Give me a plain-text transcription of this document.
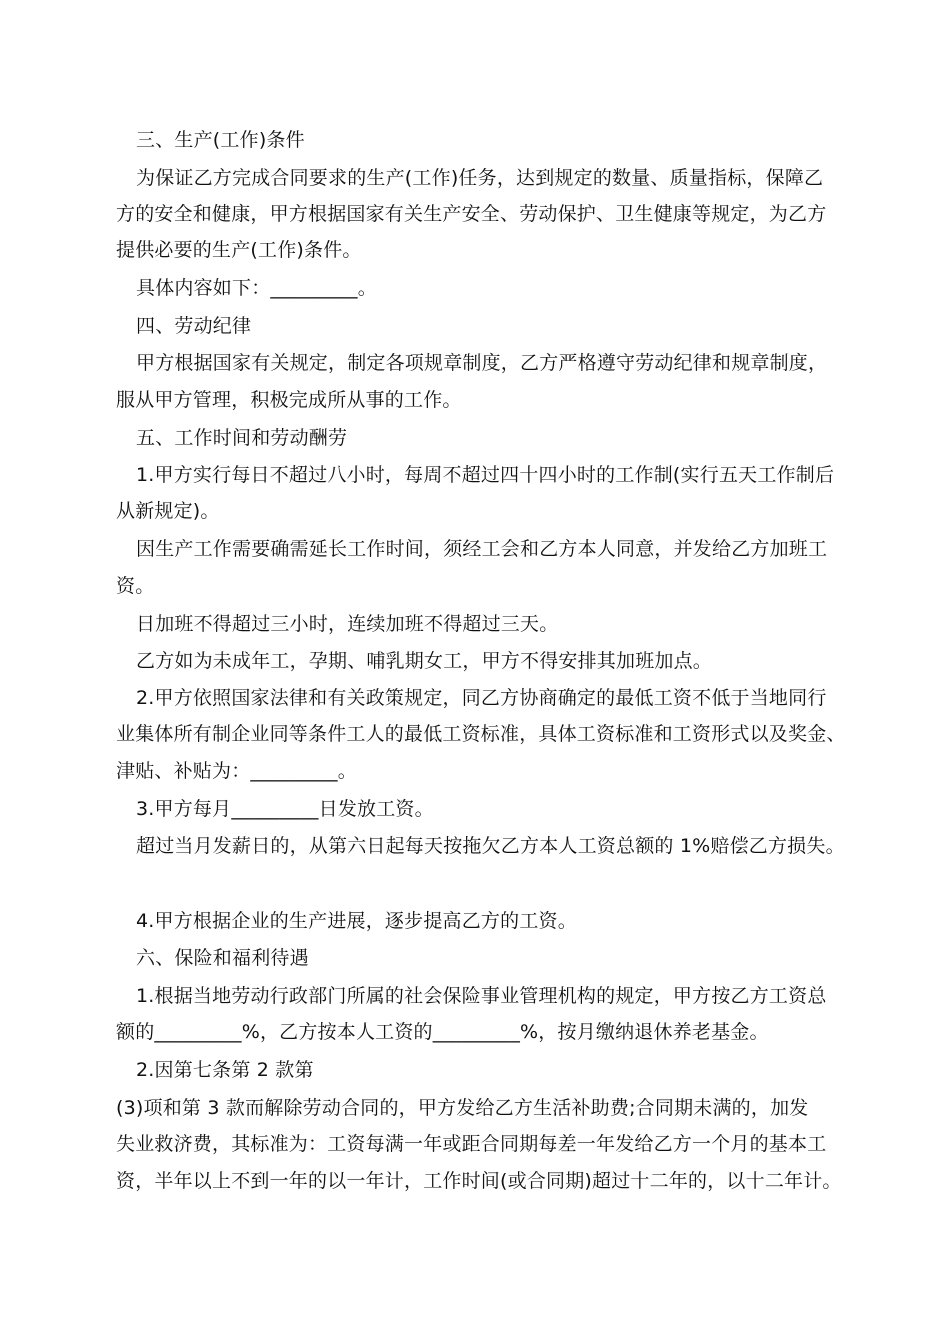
三、生产(工作)条件
为保证乙方完成合同要求的生产(工作)任务，达到规定的数量、质量指标，保障乙
方的安全和健康，甲方根据国家有关生产安全、劳动保护、卫生健康等规定，为乙方
提供必要的生产(工作)条件。
具体内容如下：_________。
四、劳动纪律
甲方根据国家有关规定，制定各项规章制度，乙方严格遵守劳动纪律和规章制度，
服从甲方管理，积极完成所从事的工作。
五、工作时间和劳动酬劳
1.甲方实行每日不超过八小时，每周不超过四十四小时的工作制(实行五天工作制后
从新规定)。
因生产工作需要确需延长工作时间，须经工会和乙方本人同意，并发给乙方加班工
资。
日加班不得超过三小时，连续加班不得超过三天。
乙方如为未成年工，孕期、哺乳期女工，甲方不得安排其加班加点。
2.甲方依照国家法律和有关政策规定，同乙方协商确定的最低工资不低于当地同行
业集体所有制企业同等条件工人的最低工资标准，具体工资标准和工资形式以及奖金、
津贴、补贴为：_________。
3.甲方每月_________日发放工资。
超过当月发薪日的，从第六日起每天按拖欠乙方本人工资总额的 1%赔偿乙方损失。
4.甲方根据企业的生产进展，逐步提高乙方的工资。
六、保险和福利待遇
1.根据当地劳动行政部门所属的社会保险事业管理机构的规定，甲方按乙方工资总
额的_________%，乙方按本人工资的_________%，按月缴纳退休养老基金。
2.因第七条第 2 款第
(3)项和第 3 款而解除劳动合同的，甲方发给乙方生活补助费;合同期未满的，加发
失业救济费，其标准为：工资每满一年或距合同期每差一年发给乙方一个月的基本工
资，半年以上不到一年的以一年计，工作时间(或合同期)超过十二年的，以十二年计。
